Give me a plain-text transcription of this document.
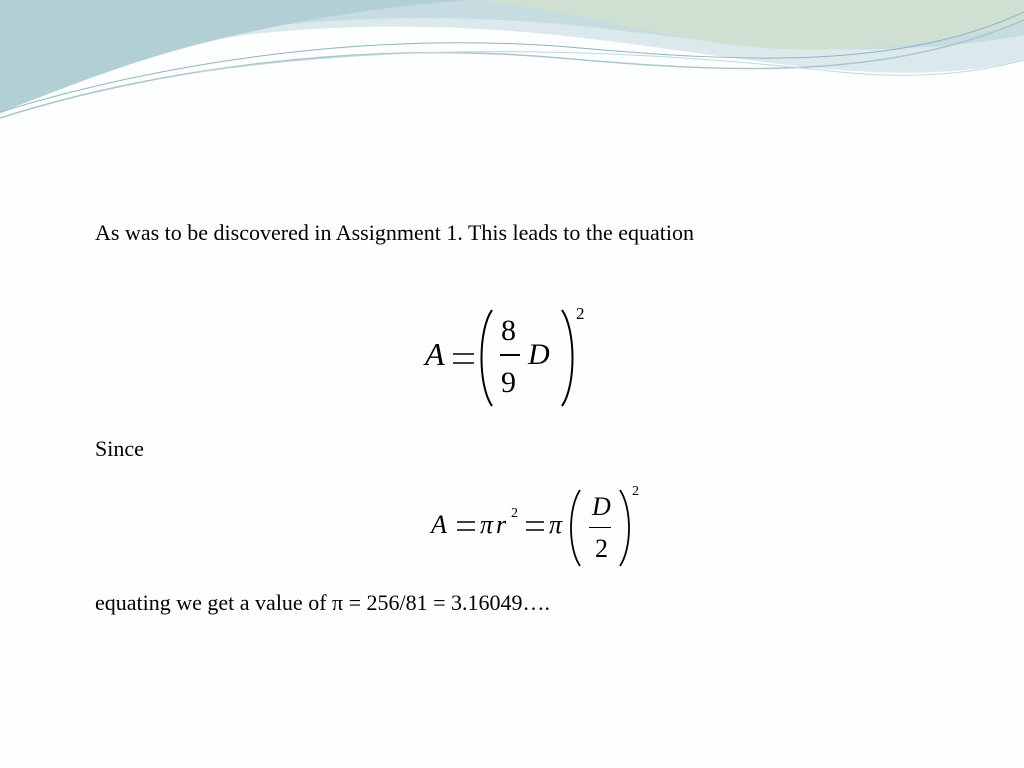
As was to be discovered in Assignment 1. This leads to the equation
A
8
9
D
2
Since
A π r 2 π
D
2
2
equating we get a value of π = 256/81 = 3.16049….
